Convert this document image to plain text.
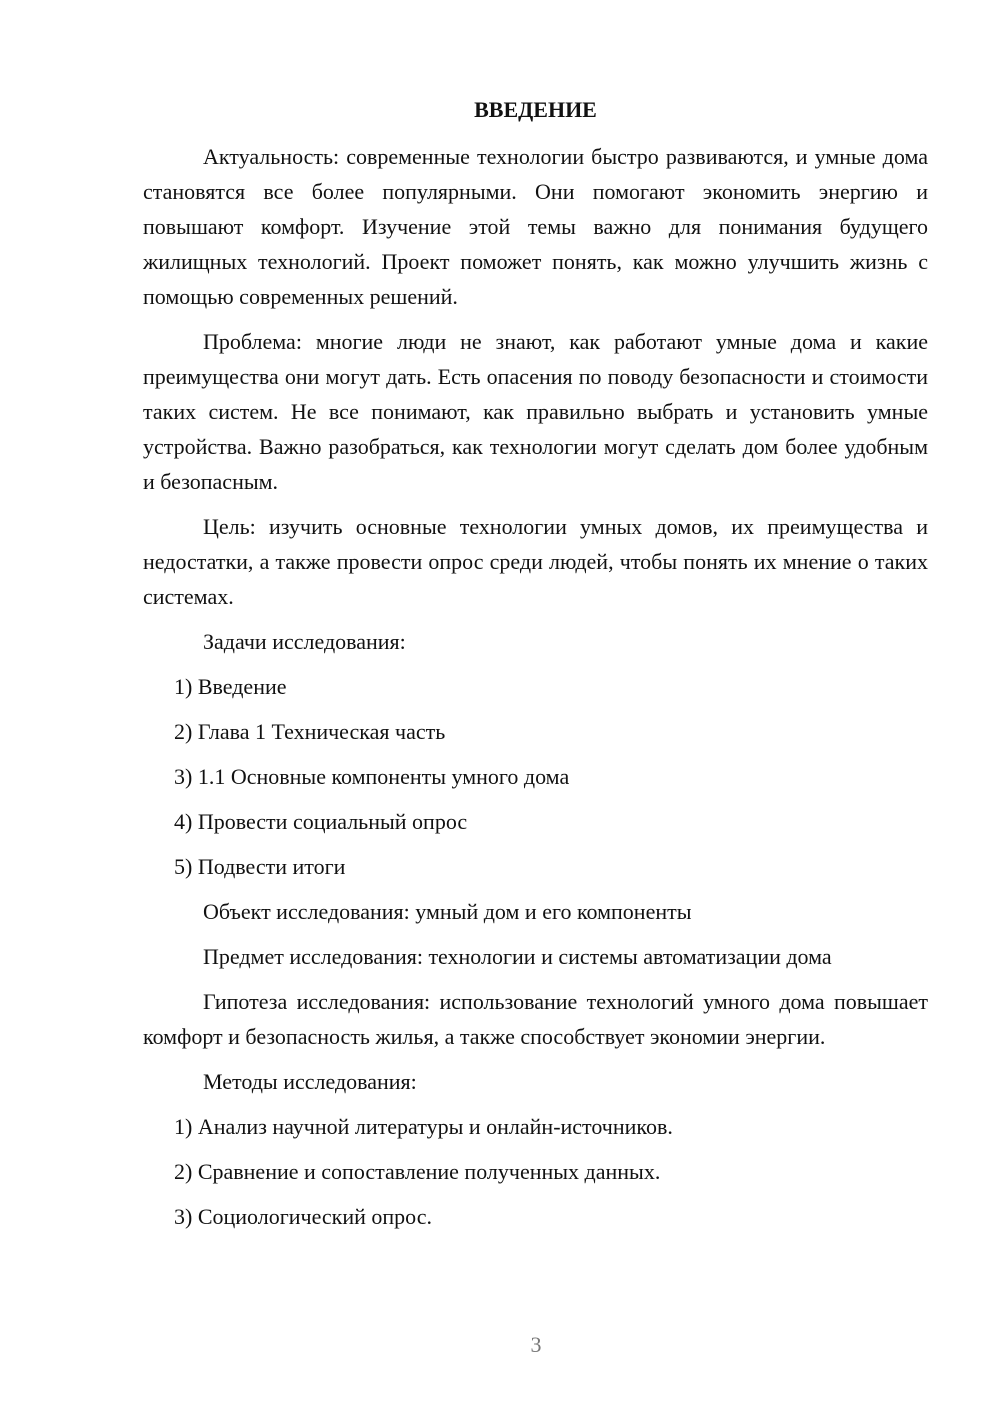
ВВЕДЕНИЕ

Актуальность: современные технологии быстро развиваются, и умные дома становятся все более популярными. Они помогают экономить энергию и повышают комфорт. Изучение этой темы важно для понимания будущего жилищных технологий. Проект поможет понять, как можно улучшить жизнь с помощью современных решений.

Проблема: многие люди не знают, как работают умные дома и какие преимущества они могут дать. Есть опасения по поводу безопасности и стоимости таких систем. Не все понимают, как правильно выбрать и установить умные устройства. Важно разобраться, как технологии могут сделать дом более удобным и безопасным.

Цель: изучить основные технологии умных домов, их преимущества и недостатки, а также провести опрос среди людей, чтобы понять их мнение о таких системах.

Задачи исследования:
1) Введение
2) Глава 1 Техническая часть
3) 1.1 Основные компоненты умного дома
4) Провести социальный опрос
5) Подвести итоги
Объект исследования: умный дом и его компоненты
Предмет исследования: технологии и системы автоматизации дома

Гипотеза исследования: использование технологий умного дома повышает комфорт и безопасность жилья, а также способствует экономии энергии.

Методы исследования:
1) Анализ научной литературы и онлайн-источников.
2) Сравнение и сопоставление полученных данных.
3) Социологический опрос.
3
